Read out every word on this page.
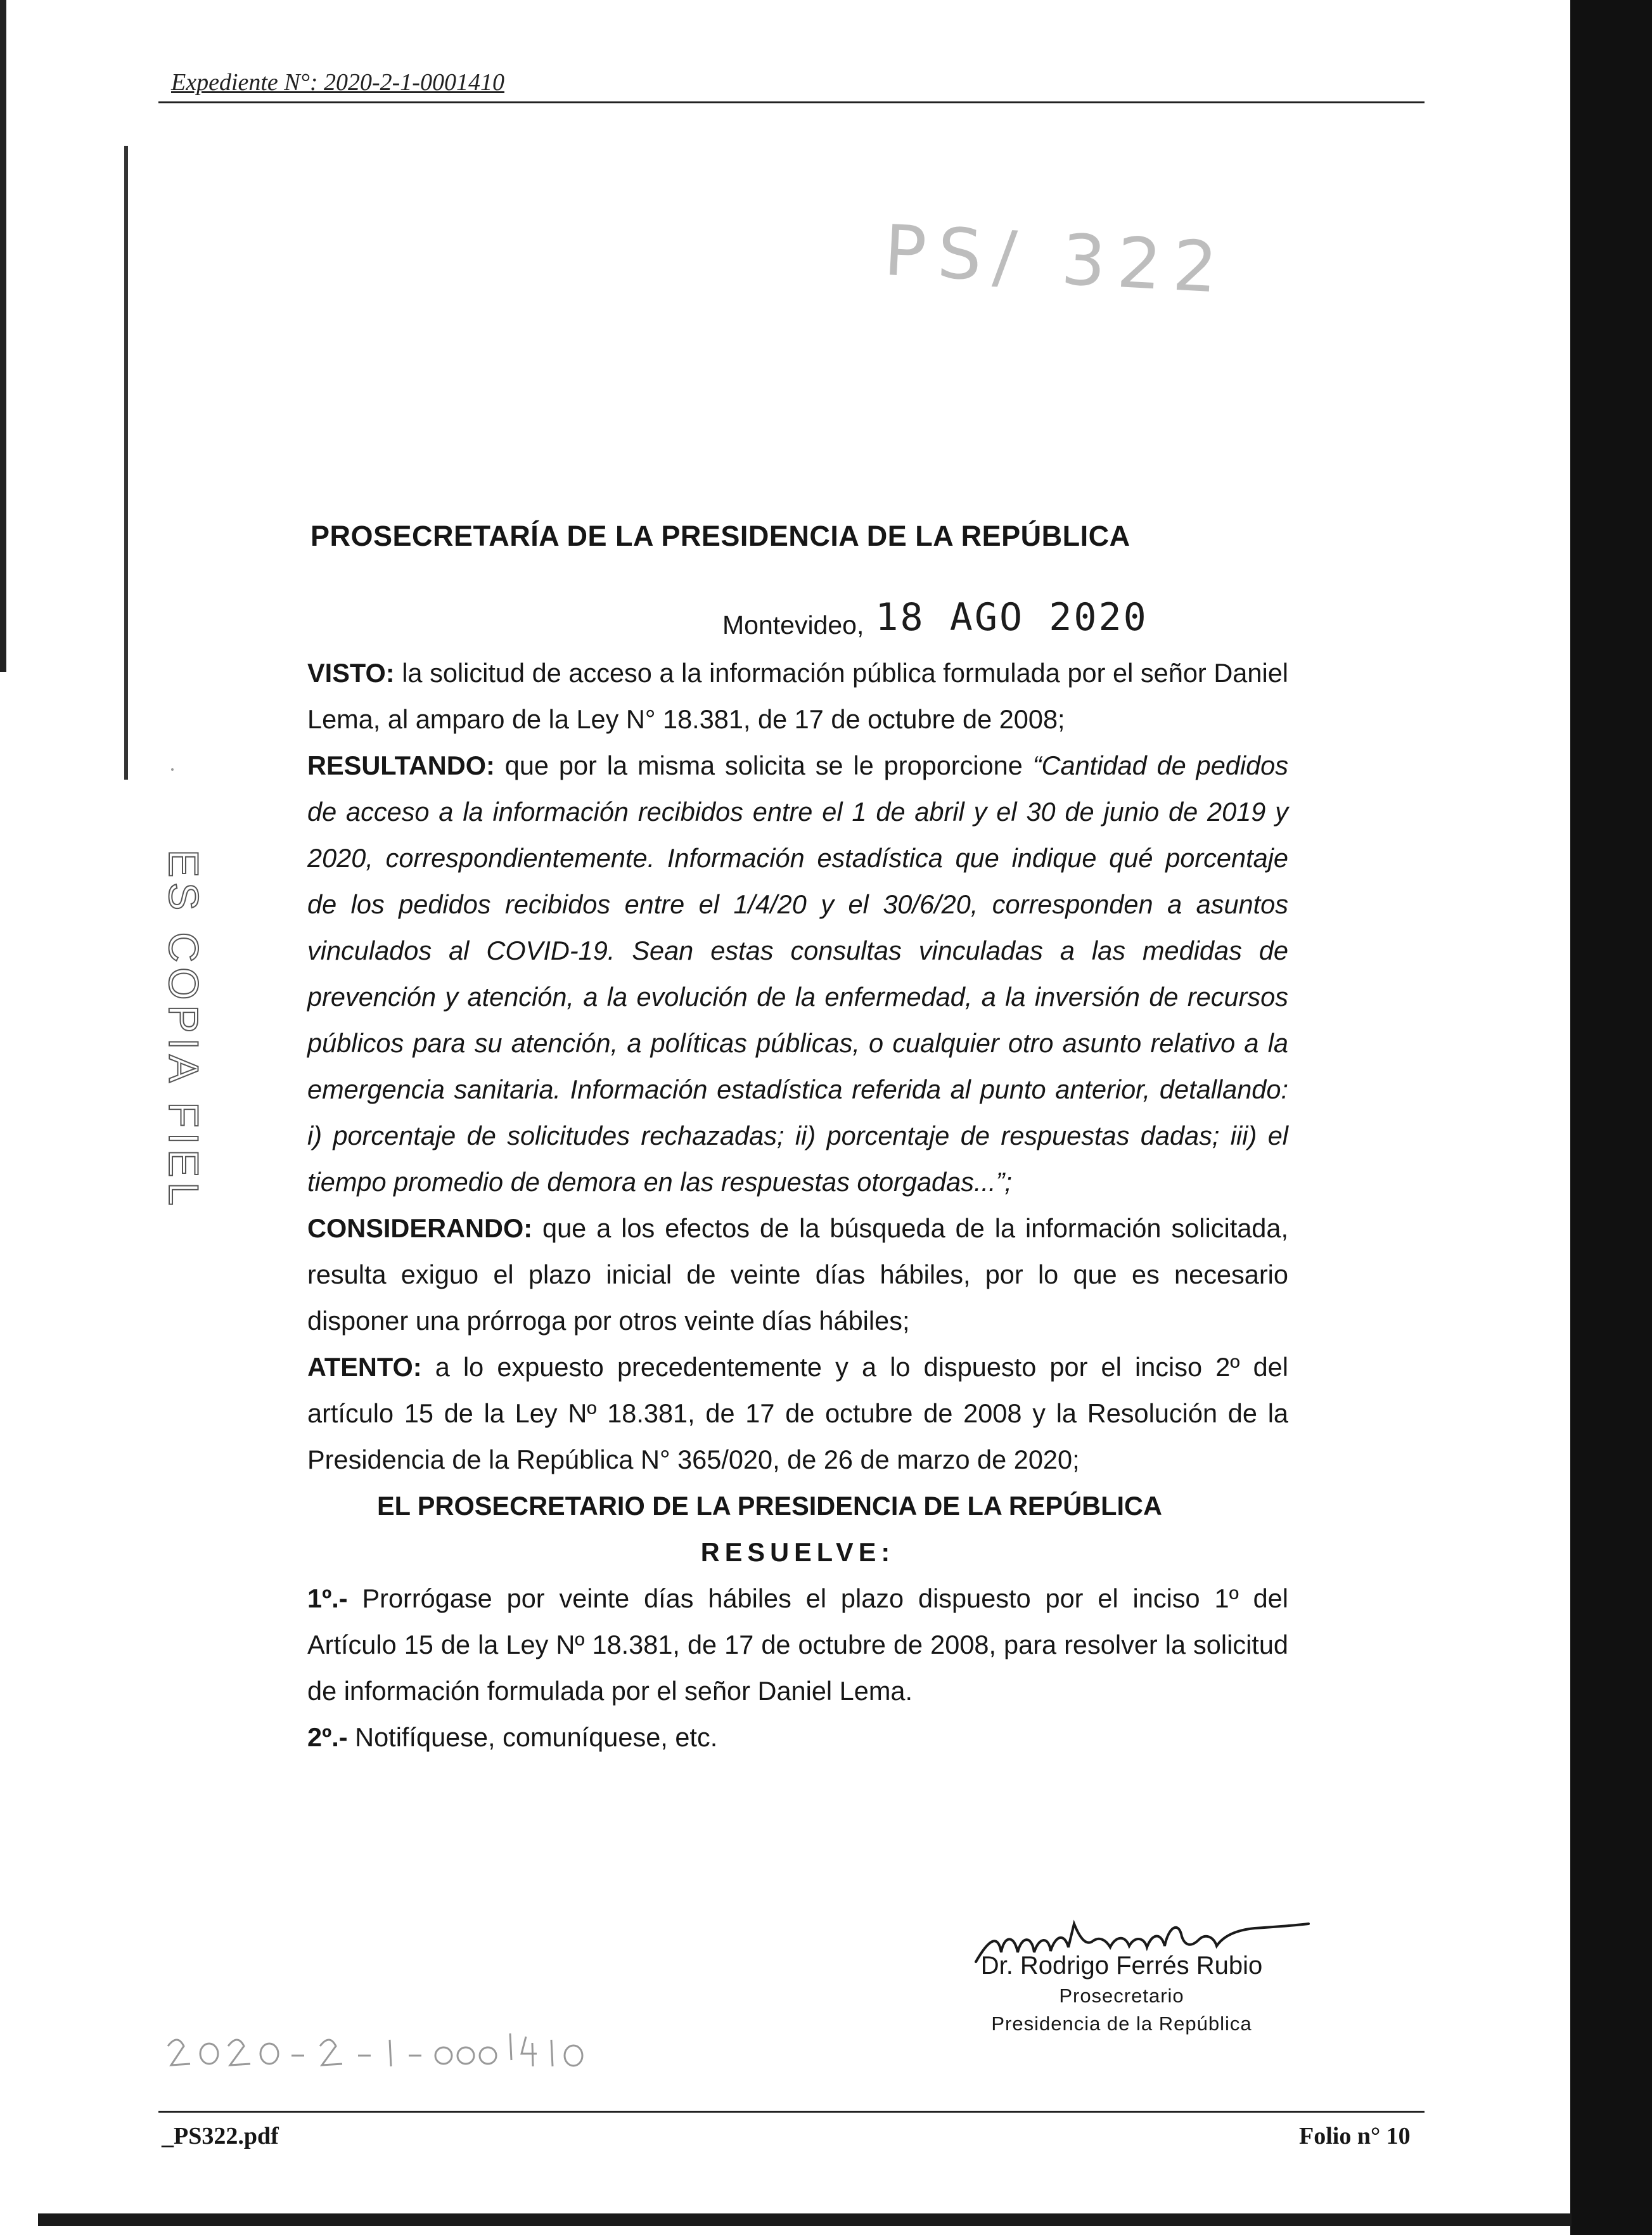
Expediente N°: 2020-2-1-0001410
PS/ 322
ES COPIA FIEL
PROSECRETARÍA DE LA PRESIDENCIA DE LA REPÚBLICA
Montevideo, 18 AGO 2020

VISTO: la solicitud de acceso a la información pública formulada por el señor Daniel Lema, al amparo de la Ley N° 18.381, de 17 de octubre de 2008;

RESULTANDO: que por la misma solicita se le proporcione “Cantidad de pedidos de acceso a la información recibidos entre el 1 de abril y el 30 de junio de 2019 y 2020, correspondientemente. Información estadística que indique qué porcentaje de los pedidos recibidos entre el 1/4/20 y el 30/6/20, corresponden a asuntos vinculados al COVID-19. Sean estas consultas vinculadas a las medidas de prevención y atención, a la evolución de la enfermedad, a la inversión de recursos públicos para su atención, a políticas públicas, o cualquier otro asunto relativo a la emergencia sanitaria. Información estadística referida al punto anterior, detallando: i) porcentaje de solicitudes rechazadas; ii) porcentaje de respuestas dadas; iii) el tiempo promedio de demora en las respuestas otorgadas...”;

CONSIDERANDO: que a los efectos de la búsqueda de la información solicitada, resulta exiguo el plazo inicial de veinte días hábiles, por lo que es necesario disponer una prórroga por otros veinte días hábiles;

ATENTO: a lo expuesto precedentemente y a lo dispuesto por el inciso 2º del artículo 15 de la Ley Nº 18.381, de 17 de octubre de 2008 y la Resolución de la Presidencia de la República N° 365/020, de 26 de marzo de 2020;

EL PROSECRETARIO DE LA PRESIDENCIA DE LA REPÚBLICA

RESUELVE:

1º.- Prorrógase por veinte días hábiles el plazo dispuesto por el inciso 1º del Artículo 15 de la Ley Nº 18.381, de 17 de octubre de 2008, para resolver la solicitud de información formulada por el señor Daniel Lema.

2º.- Notifíquese, comuníquese, etc.

Dr. Rodrigo Ferrés Rubio
Prosecretario
Presidencia de la República
_PS322.pdf	Folio n° 10
